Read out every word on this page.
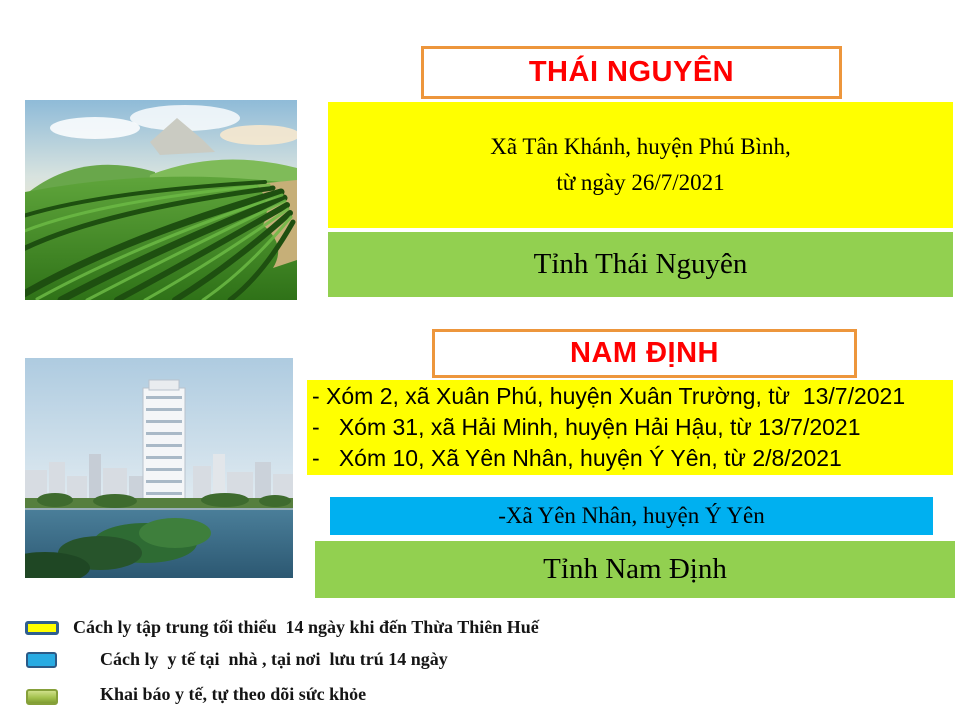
THÁI NGUYÊN
Xã Tân Khánh, huyện Phú Bình,
từ ngày 26/7/2021
Tỉnh Thái Nguyên
NAM ĐỊNH
- Xóm 2, xã Xuân Phú, huyện Xuân Trường, từ  13/7/2021
-   Xóm 31, xã Hải Minh, huyện Hải Hậu, từ 13/7/2021
-   Xóm 10, Xã Yên Nhân, huyện Ý Yên, từ 2/8/2021
-Xã Yên Nhân, huyện Ý Yên
Tỉnh Nam Định
Cách ly tập trung tối thiểu  14 ngày khi đến Thừa Thiên Huế
Cách ly  y tế tại  nhà , tại nơi  lưu trú 14 ngày
Khai báo y tế, tự theo dõi sức khỏe
